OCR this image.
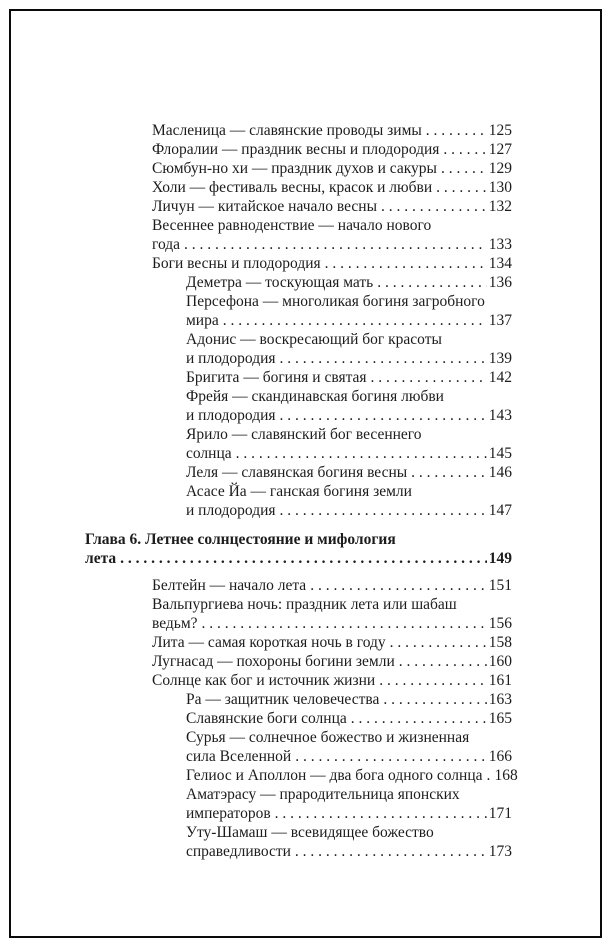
Масленица — славянские проводы зимы . . .	125
Флоралии — праздник весны и плодородия . . .	127
Сюмбун-но хи — праздник духов и сакуры . . .	129
Холи — фестиваль весны, красок и любви . . .	130
Личун — китайское начало весны . . .	132
Весеннее равноденствие — начало нового
года . . .	133
Боги весны и плодородия . . .	134
Деметра — тоскующая мать . . .	136
Персефона — многоликая богиня загробного
мира . . .	137
Адонис — воскресающий бог красоты
и плодородия . . .	139
Бригита — богиня и святая . . .	142
Фрейя — скандинавская богиня любви
и плодородия . . .	143
Ярило — славянский бог весеннего
солнца . . .	145
Леля — славянская богиня весны . . .	146
Асасе Йа — ганская богиня земли
и плодородия . . .	147
Глава 6. Летнее солнцестояние и мифология
лета . . .	149
Белтейн — начало лета . . .	151
Вальпургиева ночь: праздник лета или шабаш
ведьм? . . .	156
Лита — самая короткая ночь в году . . .	158
Лугнасад — похороны богини земли . . .	160
Солнце как бог и источник жизни . . .	161
Ра — защитник человечества . . .	163
Славянские боги солнца . . .	165
Сурья — солнечное божество и жизненная
сила Вселенной . . .	166
Гелиос и Аполлон — два бога одного солнца . . . 168
Аматэрасу — прародительница японских
императоров . . .	171
Уту-Шамаш — всевидящее божество
справедливости . . .	173
